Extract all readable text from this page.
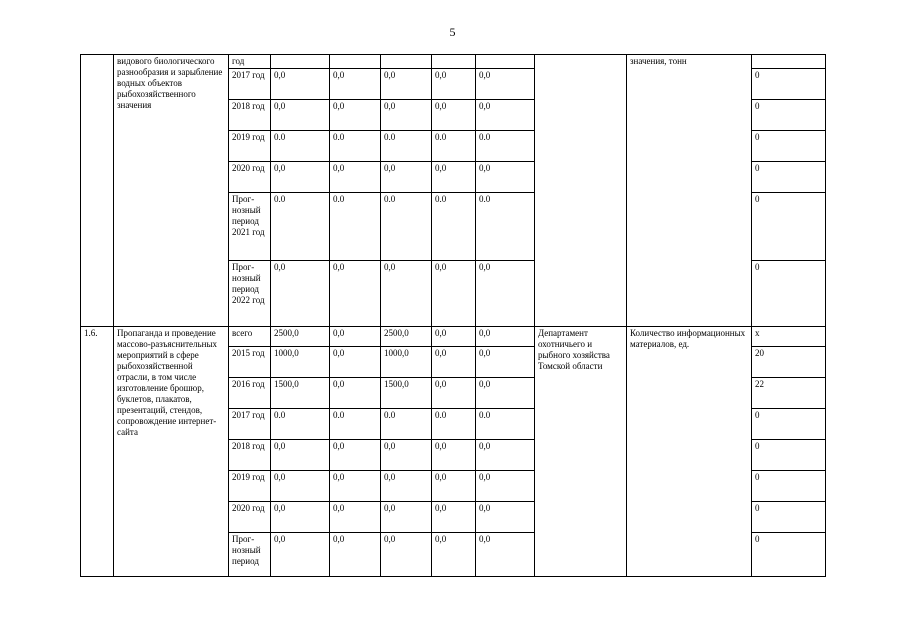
5
	видового биологического разнообразия и зарыбление водных объектов рыбохозяйственного значения	год							значения, тонн	
		2017 год	0,0	0,0	0,0	0,0	0,0			0
		2018 год	0,0	0,0	0,0	0,0	0,0			0
		2019 год	0.0	0.0	0.0	0.0	0.0			0
		2020 год	0,0	0,0	0,0	0,0	0,0			0
		Прог-нозный период 2021 год	0.0	0.0	0.0	0.0	0.0			0
		Прог-нозный период 2022 год	0,0	0,0	0,0	0,0	0,0			0
1.6.	Пропаганда и проведение массово-разъяснительных мероприятий в сфере рыбохозяйственной отрасли, в том числе изготовление брошюр, буклетов, плакатов, презентаций, стендов, сопровождение интернет-сайта	всего	2500,0	0,0	2500,0	0,0	0,0	Департамент охотничьего и рыбного хозяйства Томской области	Количество информационных материалов, ед.	х
		2015 год	1000,0	0,0	1000,0	0,0	0,0			20
		2016 год	1500,0	0,0	1500,0	0,0	0,0			22
		2017 год	0.0	0.0	0.0	0.0	0.0			0
		2018 год	0,0	0,0	0,0	0,0	0,0			0
		2019 год	0,0	0,0	0,0	0,0	0,0			0
		2020 год	0,0	0,0	0,0	0,0	0,0			0
		Прог-нозный период	0,0	0,0	0,0	0,0	0,0			0
